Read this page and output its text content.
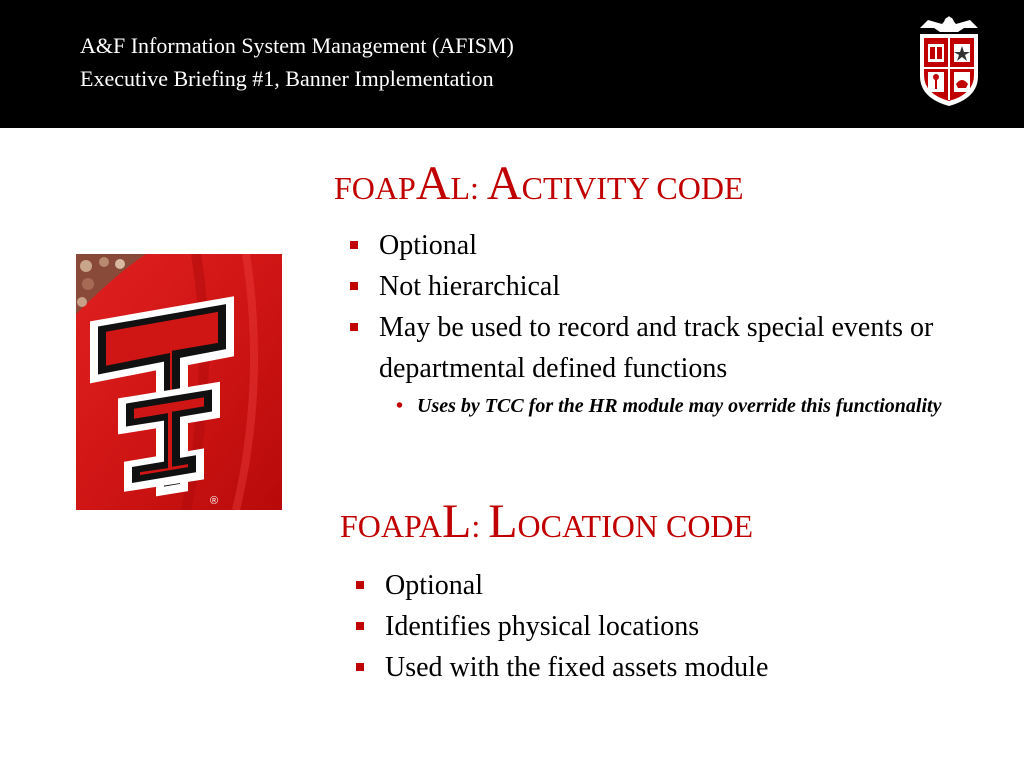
A&F Information System Management (AFISM)
Executive Briefing #1, Banner Implementation
®
FOAPAL: ACTIVITY CODE
Optional
Not hierarchical
May be used to record and track special events or departmental defined functions
• Uses by TCC for the HR module may override this functionality
FOAPAL: LOCATION CODE
Optional
Identifies physical locations
Used with the fixed assets module
